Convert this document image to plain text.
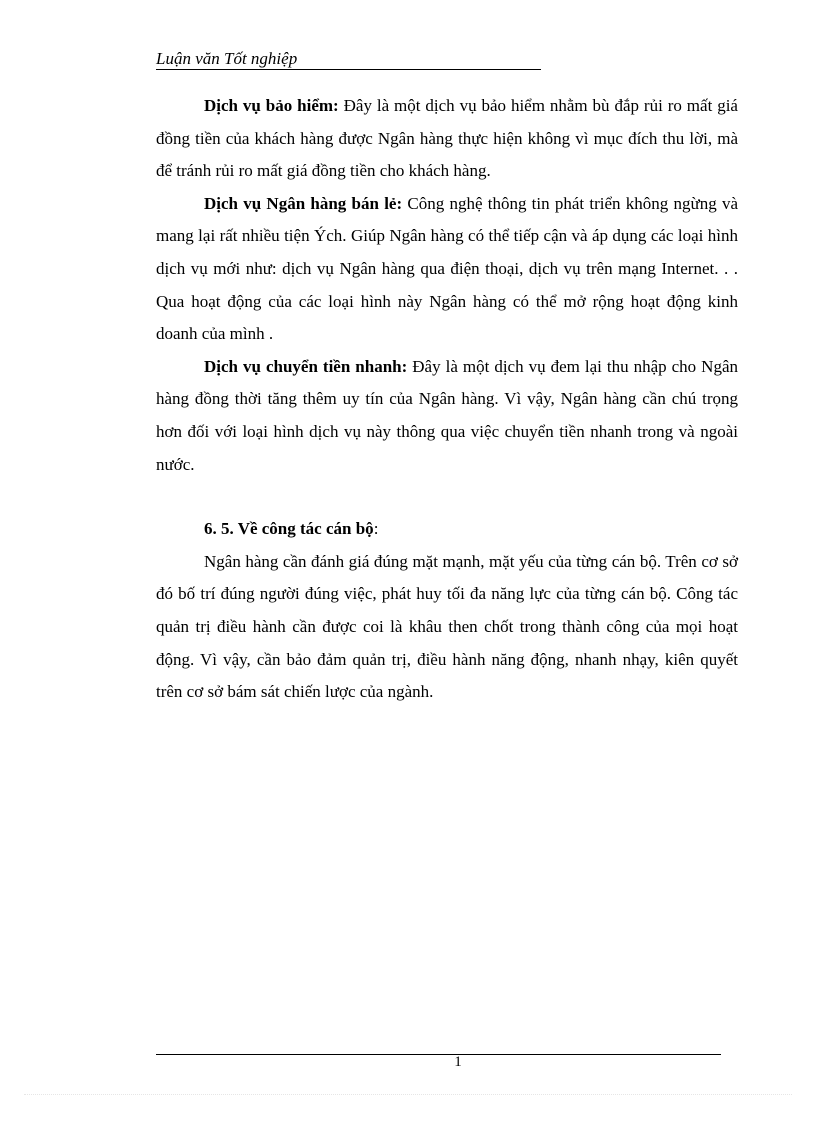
Luận văn Tốt nghiệp

Dịch vụ bảo hiểm: Đây là một dịch vụ bảo hiểm nhằm bù đắp rủi ro mất giá đồng tiền của khách hàng được Ngân hàng thực hiện không vì mục đích thu lời, mà để tránh rủi ro mất giá đồng tiền cho khách hàng.

Dịch vụ Ngân hàng bán lẻ: Công nghệ thông tin phát triển không ngừng và mang lại rất nhiều tiện Ých. Giúp Ngân hàng có thể tiếp cận và áp dụng các loại hình dịch vụ mới như: dịch vụ Ngân hàng qua điện thoại, dịch vụ trên mạng Internet. . . Qua hoạt động của các loại hình này Ngân hàng có thể mở rộng hoạt động kinh doanh của mình .

Dịch vụ chuyển tiền nhanh: Đây là một dịch vụ đem lại thu nhập cho Ngân hàng đồng thời tăng thêm uy tín của Ngân hàng. Vì vậy, Ngân hàng cần chú trọng hơn đối với loại hình dịch vụ này thông qua việc chuyển tiền nhanh trong và ngoài nước.

6. 5. Về công tác cán bộ:

Ngân hàng cần đánh giá đúng mặt mạnh, mặt yếu của từng cán bộ. Trên cơ sở đó bố trí đúng người đúng việc, phát huy tối đa năng lực của từng cán bộ. Công tác quản trị điều hành cần được coi là khâu then chốt trong thành công của mọi hoạt động. Vì vậy, cần bảo đảm quản trị, điều hành năng động, nhanh nhạy, kiên quyết trên cơ sở bám sát chiến lược của ngành.

1
